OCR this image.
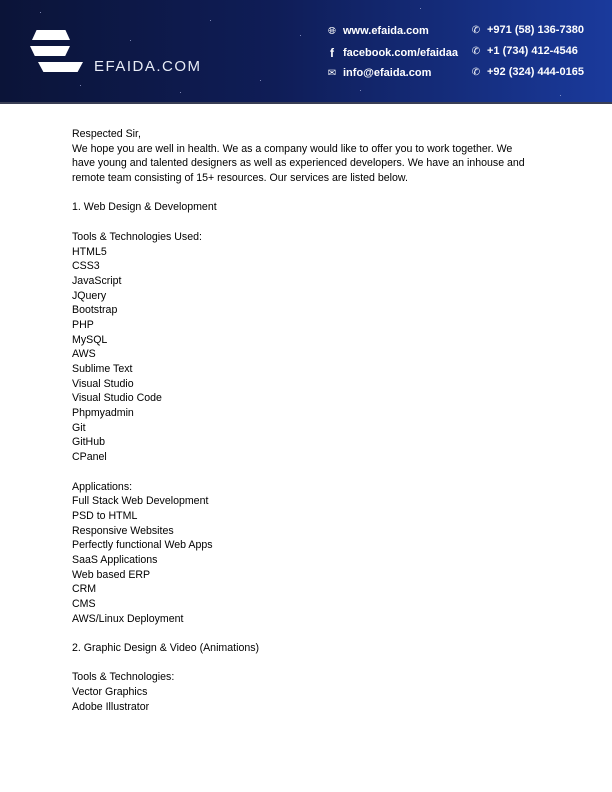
EFAIDA.COM
🌐︎ www.efaida.com
f facebook.com/efaidaa
✉ info@efaida.com
✆ +971 (58) 136-7380
✆ +1 (734) 412-4546
✆ +92 (324) 444-0165
Respected Sir,
We hope you are well in health. We as a company would like to offer you to work together. We
have young and talented designers as well as experienced developers. We have an inhouse and
remote team consisting of 15+ resources. Our services are listed below.
1. Web Design & Development
Tools & Technologies Used:
HTML5
CSS3
JavaScript
JQuery
Bootstrap
PHP
MySQL
AWS
Sublime Text
Visual Studio
Visual Studio Code
Phpmyadmin
Git
GitHub
CPanel
Applications:
Full Stack Web Development
PSD to HTML
Responsive Websites
Perfectly functional Web Apps
SaaS Applications
Web based ERP
CRM
CMS
AWS/Linux Deployment
2. Graphic Design & Video (Animations)
Tools & Technologies:
Vector Graphics
Adobe Illustrator
